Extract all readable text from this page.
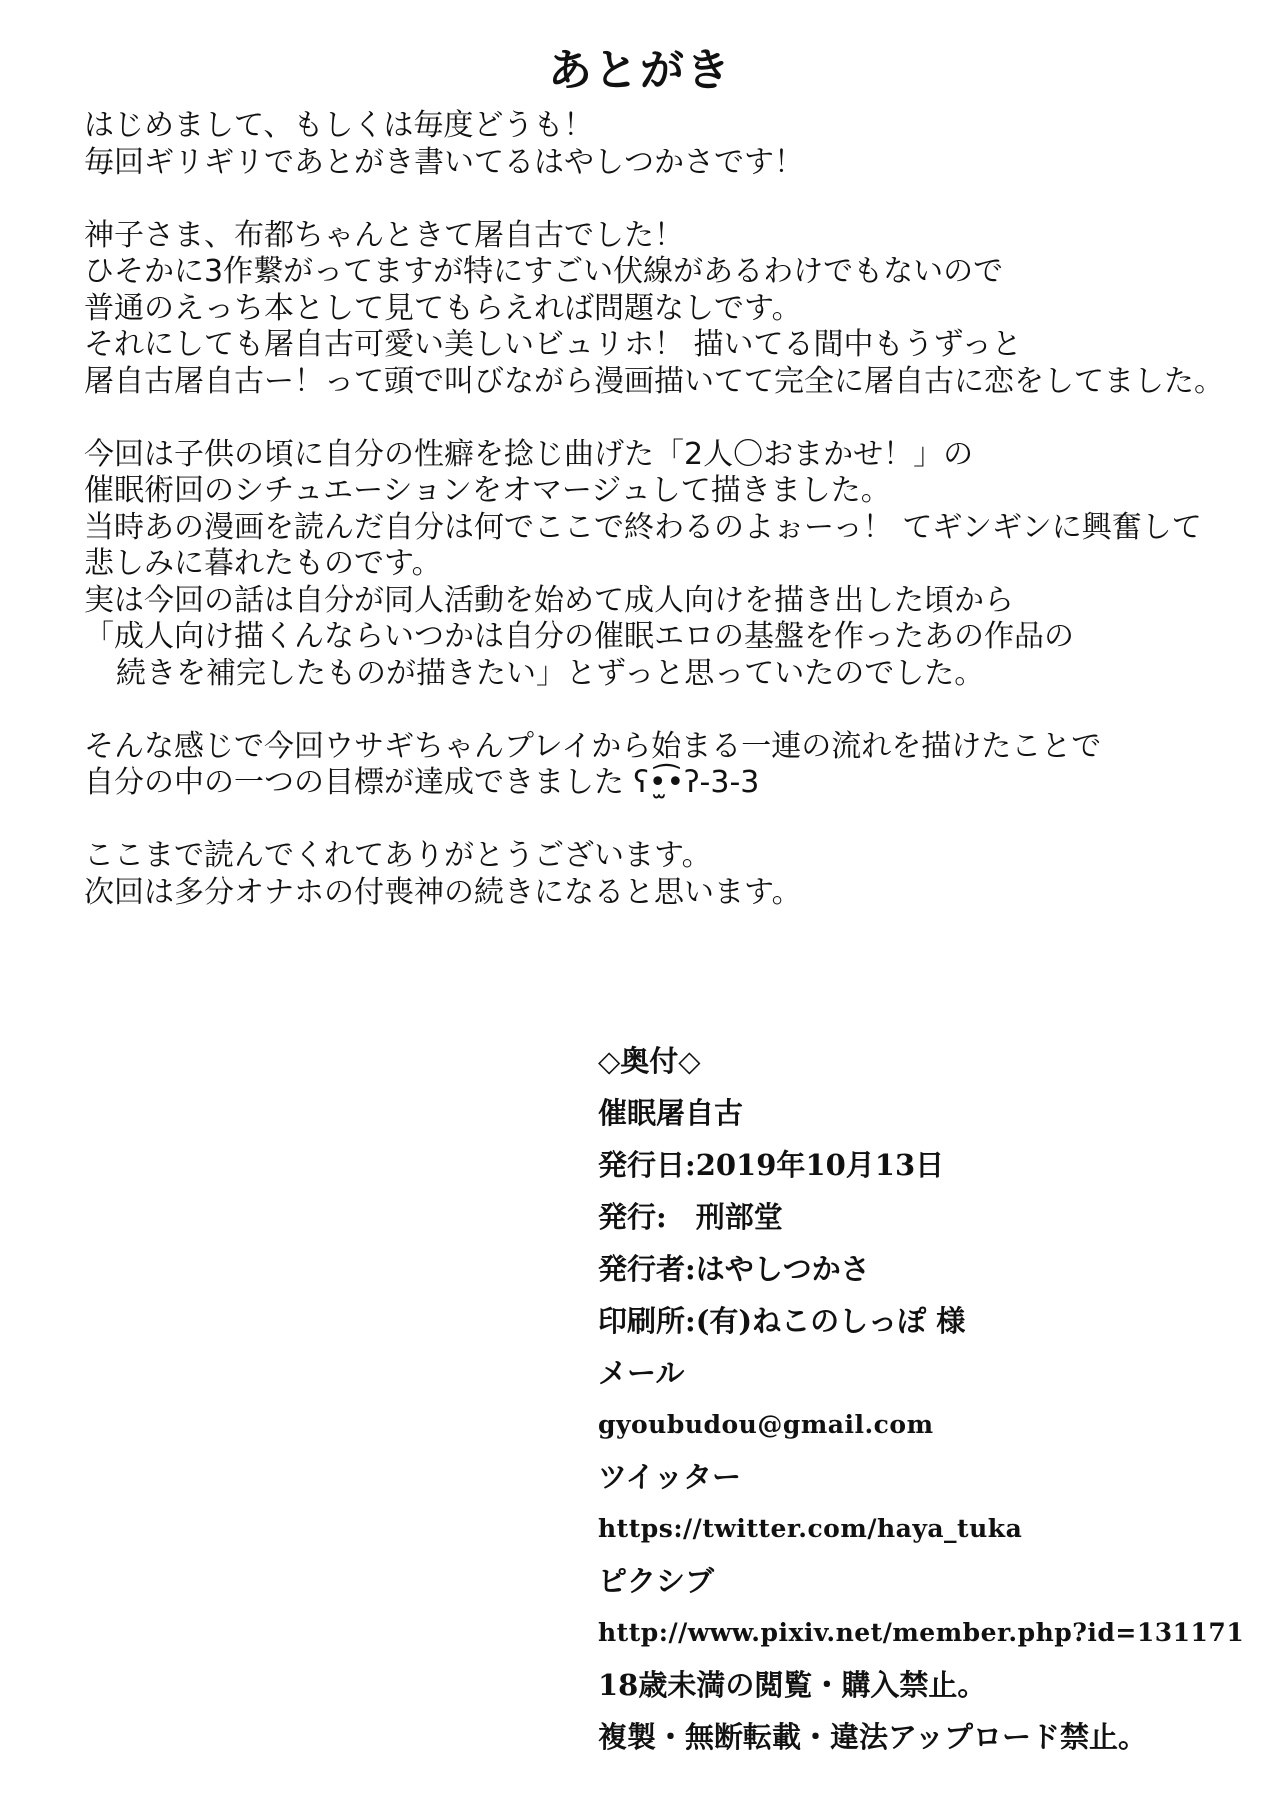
あとがき
はじめまして、もしくは毎度どうも！
毎回ギリギリであとがき書いてるはやしつかさです！
神子さま、布都ちゃんときて屠自古でした！
ひそかに3作繋がってますが特にすごい伏線があるわけでもないので
普通のえっち本として見てもらえれば問題なしです。
それにしても屠自古可愛い美しいビュリホ！ 描いてる間中もうずっと
屠自古屠自古ー！って頭で叫びながら漫画描いてて完全に屠自古に恋をしてました。
今回は子供の頃に自分の性癖を捻じ曲げた「2人〇おまかせ！」の
催眠術回のシチュエーションをオマージュして描きました。
当時あの漫画を読んだ自分は何でここで終わるのよぉーっ！ てギンギンに興奮して
悲しみに暮れたものです。
実は今回の話は自分が同人活動を始めて成人向けを描き出した頃から
「成人向け描くんならいつかは自分の催眠エロの基盤を作ったあの作品の
続きを補完したものが描きたい」とずっと思っていたのでした。
そんな感じで今回ウサギちゃんプレイから始まる一連の流れを描けたことで
自分の中の一つの目標が達成できました ʕ•̫͡•ʔ-3-3
ここまで読んでくれてありがとうございます。
次回は多分オナホの付喪神の続きになると思います。
◇奥付◇
催眠屠自古
発行日:2019年10月13日
発行:　刑部堂
発行者:はやしつかさ
印刷所:(有)ねこのしっぽ 様
メール
gyoubudou@gmail.com
ツイッター
https://twitter.com/haya_tuka
ピクシブ
http://www.pixiv.net/member.php?id=131171
18歳未満の閲覧・購入禁止。
複製・無断転載・違法アップロード禁止。
